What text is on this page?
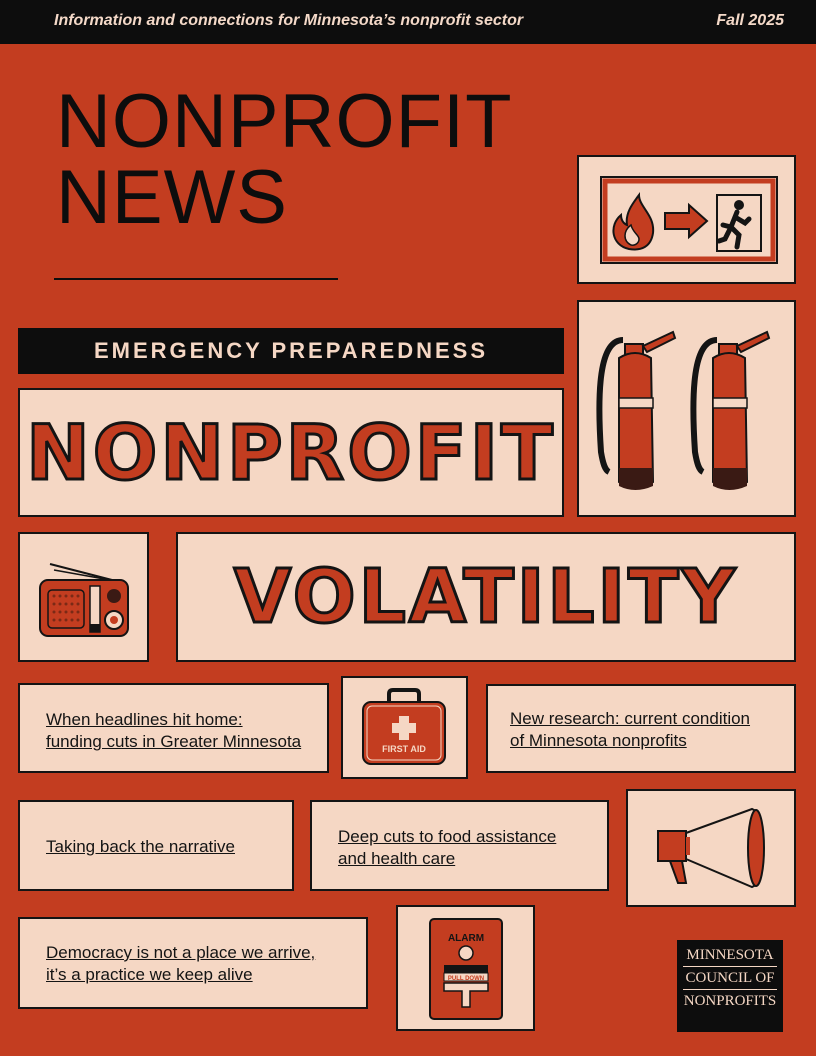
Information and connections for Minnesota’s nonprofit sector	Fall 2025
NONPROFIT
NEWS
EMERGENCY PREPAREDNESS
NONPROFIT
VOLATILITY
When headlines hit home:
funding cuts in Greater Minnesota	FIRST AID
New research: current condition
of Minnesota nonprofits
Taking back the narrative
Deep cuts to food assistance
and health care
Democracy is not a place we arrive,
it’s a practice we keep alive
ALARM
PULL DOWN
MINNESOTA
COUNCIL OF
NONPROFITS
